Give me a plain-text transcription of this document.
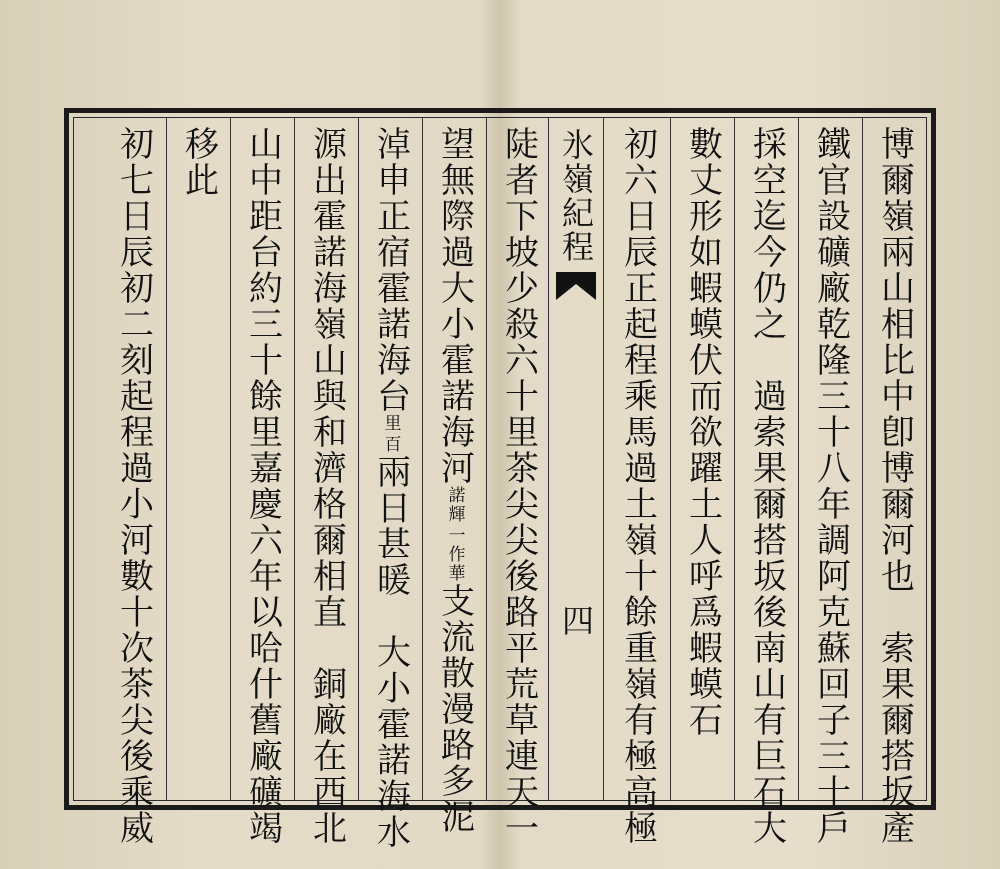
氷嶺紀程
四	博爾嶺兩山相比中卽博爾河也　索果爾搭坂產
鐵官設礦廠乾隆三十八年調阿克蘇回子三十戶
採空迄今仍之　過索果爾搭坂後南山有巨石大
數丈形如蝦蟆伏而欲躍土人呼爲蝦蟆石
初六日辰正起程乘馬過土嶺十餘重嶺有極高極
陡者下坡少殺六十里茶尖尖後路平荒草連天一
望無際過大小霍諾海河
一作華
諾輝
支流散漫路多泥
淖申正宿霍諾海台
百
里
兩日甚暖　大小霍諾海水
源出霍諾海嶺山與和濟格爾相直　銅廠在西北
山中距台約三十餘里嘉慶六年以哈什舊廠礦竭
移此
初七日辰初二刻起程過小河數十次茶尖後乘威
